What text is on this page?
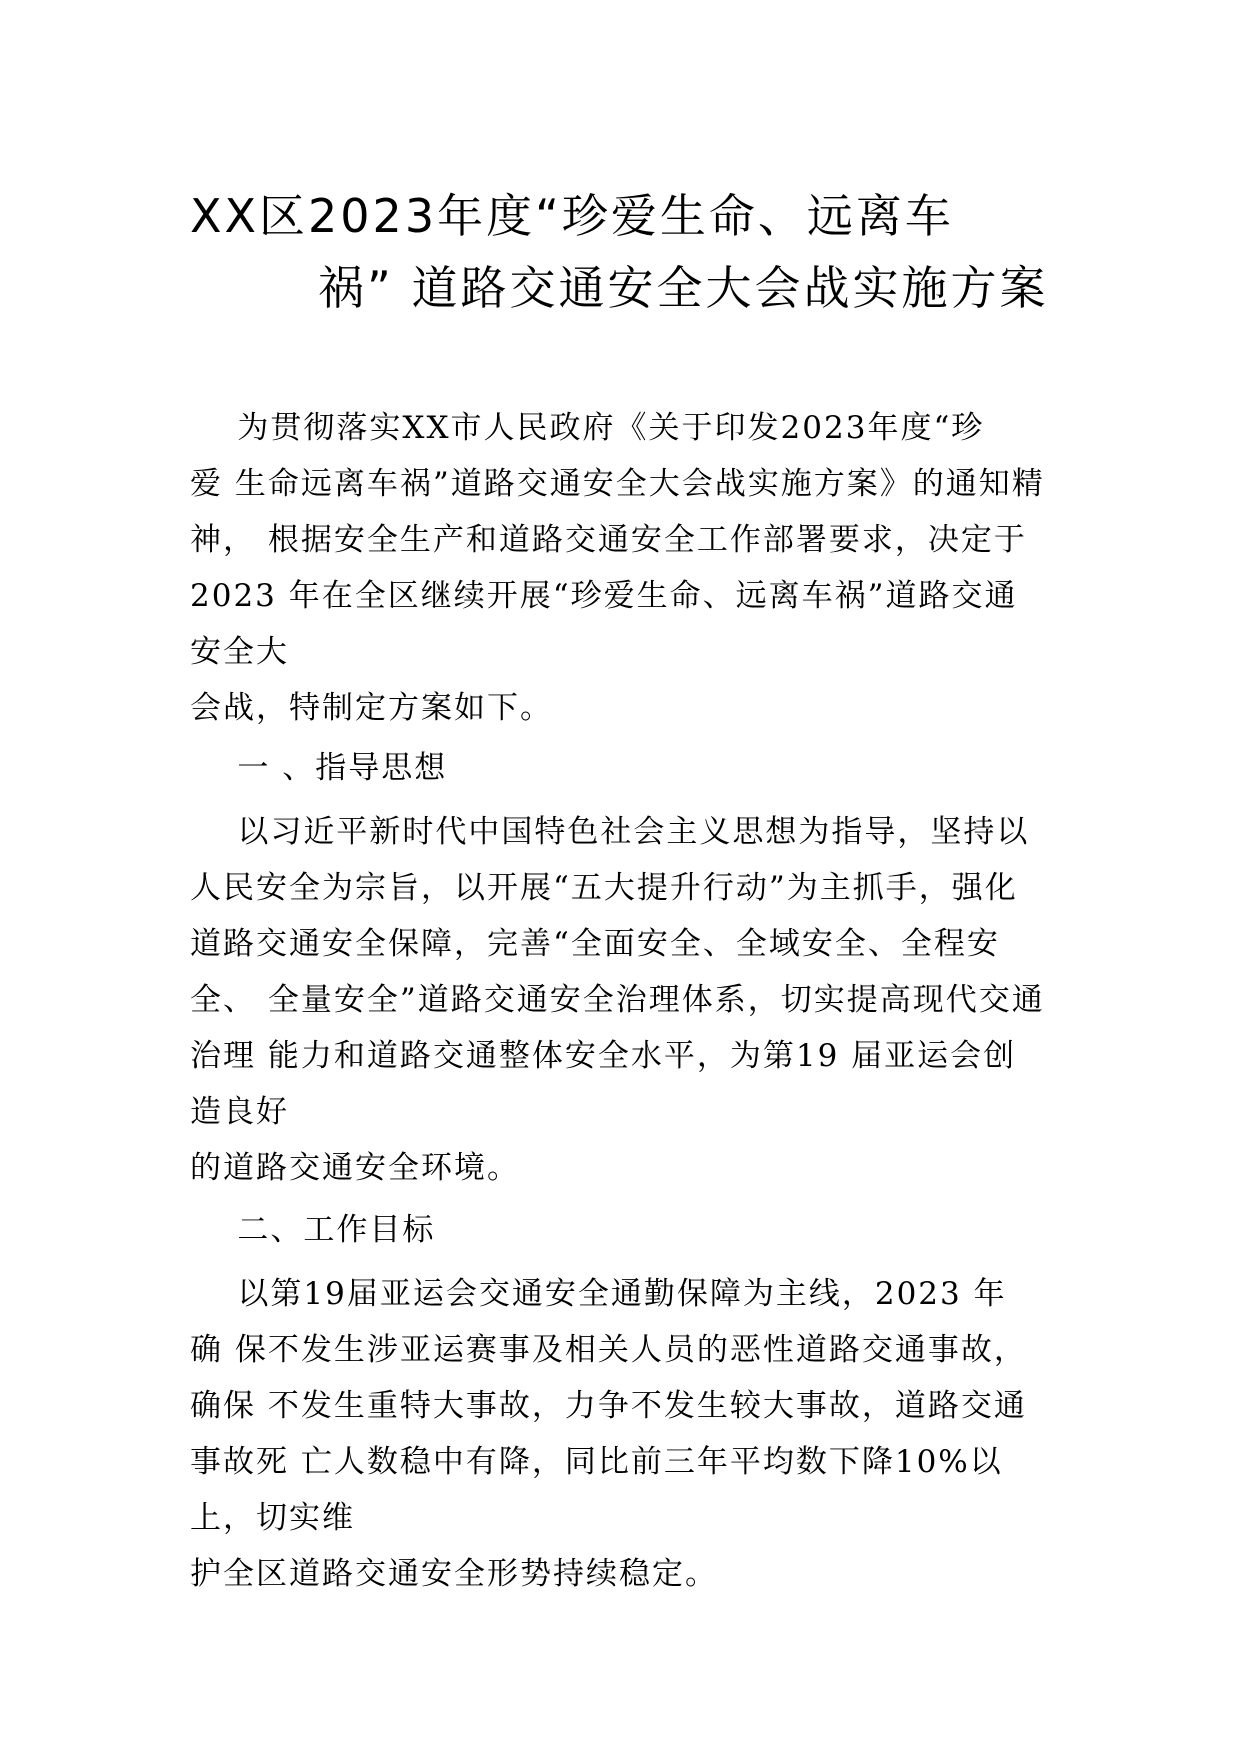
XX区2023年度“珍爱生命、远离车
祸” 道路交通安全大会战实施方案
为贯彻落实XX市人民政府《关于印发2023年度“珍
爱 生命远离车祸”道路交通安全大会战实施方案》的通知精
神， 根据安全生产和道路交通安全工作部署要求，决定于
2023 年在全区继续开展“珍爱生命、远离车祸”道路交通
安全大
会战，特制定方案如下。
一 、指导思想
以习近平新时代中国特色社会主义思想为指导，坚持以
人民安全为宗旨，以开展“五大提升行动”为主抓手，强化
道路交通安全保障，完善“全面安全、全域安全、全程安
全、 全量安全”道路交通安全治理体系，切实提高现代交通
治理 能力和道路交通整体安全水平，为第19 届亚运会创
造良好
的道路交通安全环境。
二、工作目标
以第19届亚运会交通安全通勤保障为主线，2023 年
确 保不发生涉亚运赛事及相关人员的恶性道路交通事故，
确保 不发生重特大事故，力争不发生较大事故，道路交通
事故死 亡人数稳中有降，同比前三年平均数下降10%以
上，切实维
护全区道路交通安全形势持续稳定。
